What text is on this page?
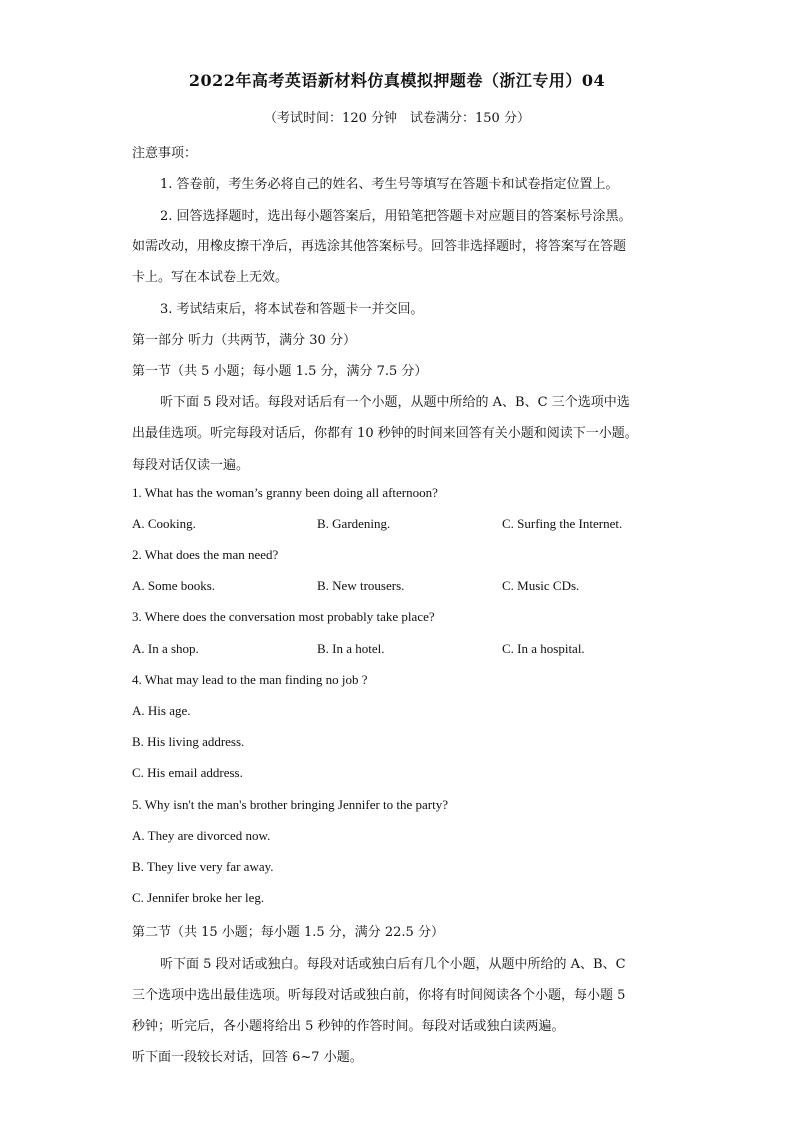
2022年高考英语新材料仿真模拟押题卷（浙江专用）04
（考试时间：120 分钟　试卷满分：150 分）
注意事项：
1. 答卷前，考生务必将自己的姓名、考生号等填写在答题卡和试卷指定位置上。
2. 回答选择题时，选出每小题答案后，用铅笔把答题卡对应题目的答案标号涂黑。
如需改动，用橡皮擦干净后，再选涂其他答案标号。回答非选择题时，将答案写在答题
卡上。写在本试卷上无效。
3. 考试结束后，将本试卷和答题卡一并交回。
第一部分 听力（共两节，满分 30 分）
第一节（共 5 小题；每小题 1.5 分，满分 7.5 分）
听下面 5 段对话。每段对话后有一个小题，从题中所给的 A、B、C 三个选项中选
出最佳选项。听完每段对话后，你都有 10 秒钟的时间来回答有关小题和阅读下一小题。
每段对话仅读一遍。
1. What has the woman’s granny been doing all afternoon?
A. Cooking.	B. Gardening.	C. Surfing the Internet.
2. What does the man need?
A. Some books.	B. New trousers.	C. Music CDs.
3. Where does the conversation most probably take place?
A. In a shop.	B. In a hotel.	C. In a hospital.
4. What may lead to the man finding no job ?
A. His age.
B. His living address.
C. His email address.
5. Why isn't the man's brother bringing Jennifer to the party?
A. They are divorced now.
B. They live very far away.
C. Jennifer broke her leg.
第二节（共 15 小题；每小题 1.5 分，满分 22.5 分）
听下面 5 段对话或独白。每段对话或独白后有几个小题，从题中所给的 A、B、C
三个选项中选出最佳选项。听每段对话或独白前，你将有时间阅读各个小题，每小题 5
秒钟；听完后，各小题将给出 5 秒钟的作答时间。每段对话或独白读两遍。
听下面一段较长对话，回答 6~7 小题。
